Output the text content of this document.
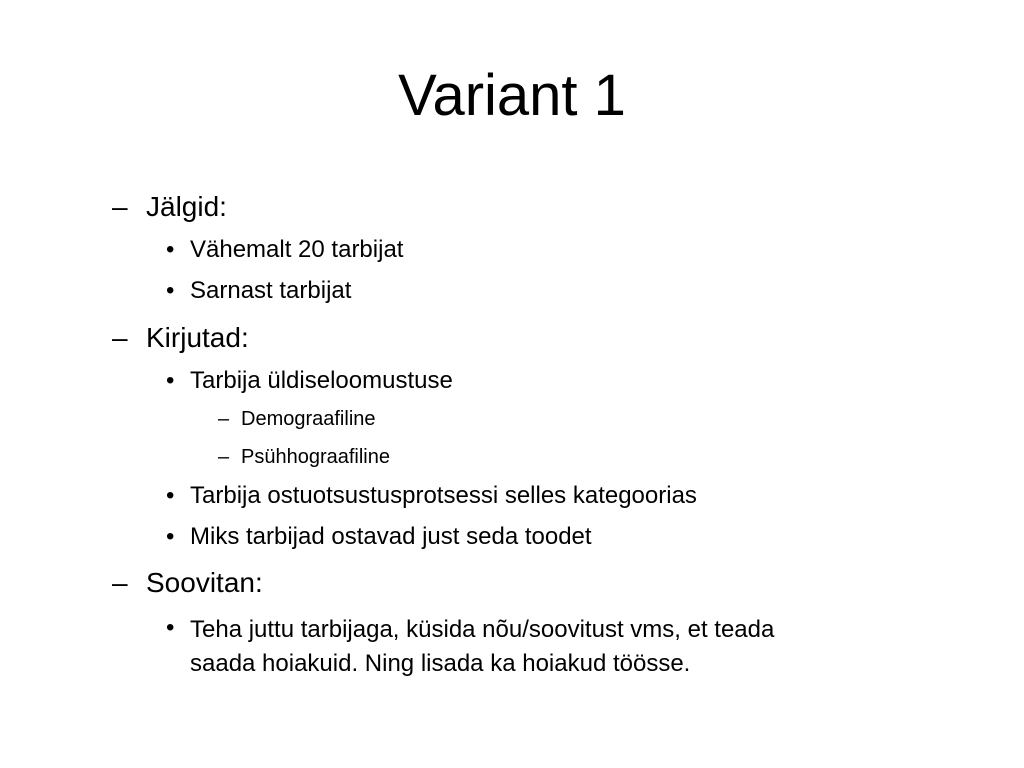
Variant 1
– Jälgid:
• Vähemalt 20 tarbijat
• Sarnast tarbijat
– Kirjutad:
• Tarbija üldiseloomustuse
– Demograafiline
– Psühhograafiline
• Tarbija ostuotsustusprotsessi selles kategoorias
• Miks tarbijad ostavad just seda toodet
– Soovitan:
• Teha juttu tarbijaga, küsida nõu/soovitust vms, et teada
saada hoiakuid. Ning lisada ka hoiakud töösse.
